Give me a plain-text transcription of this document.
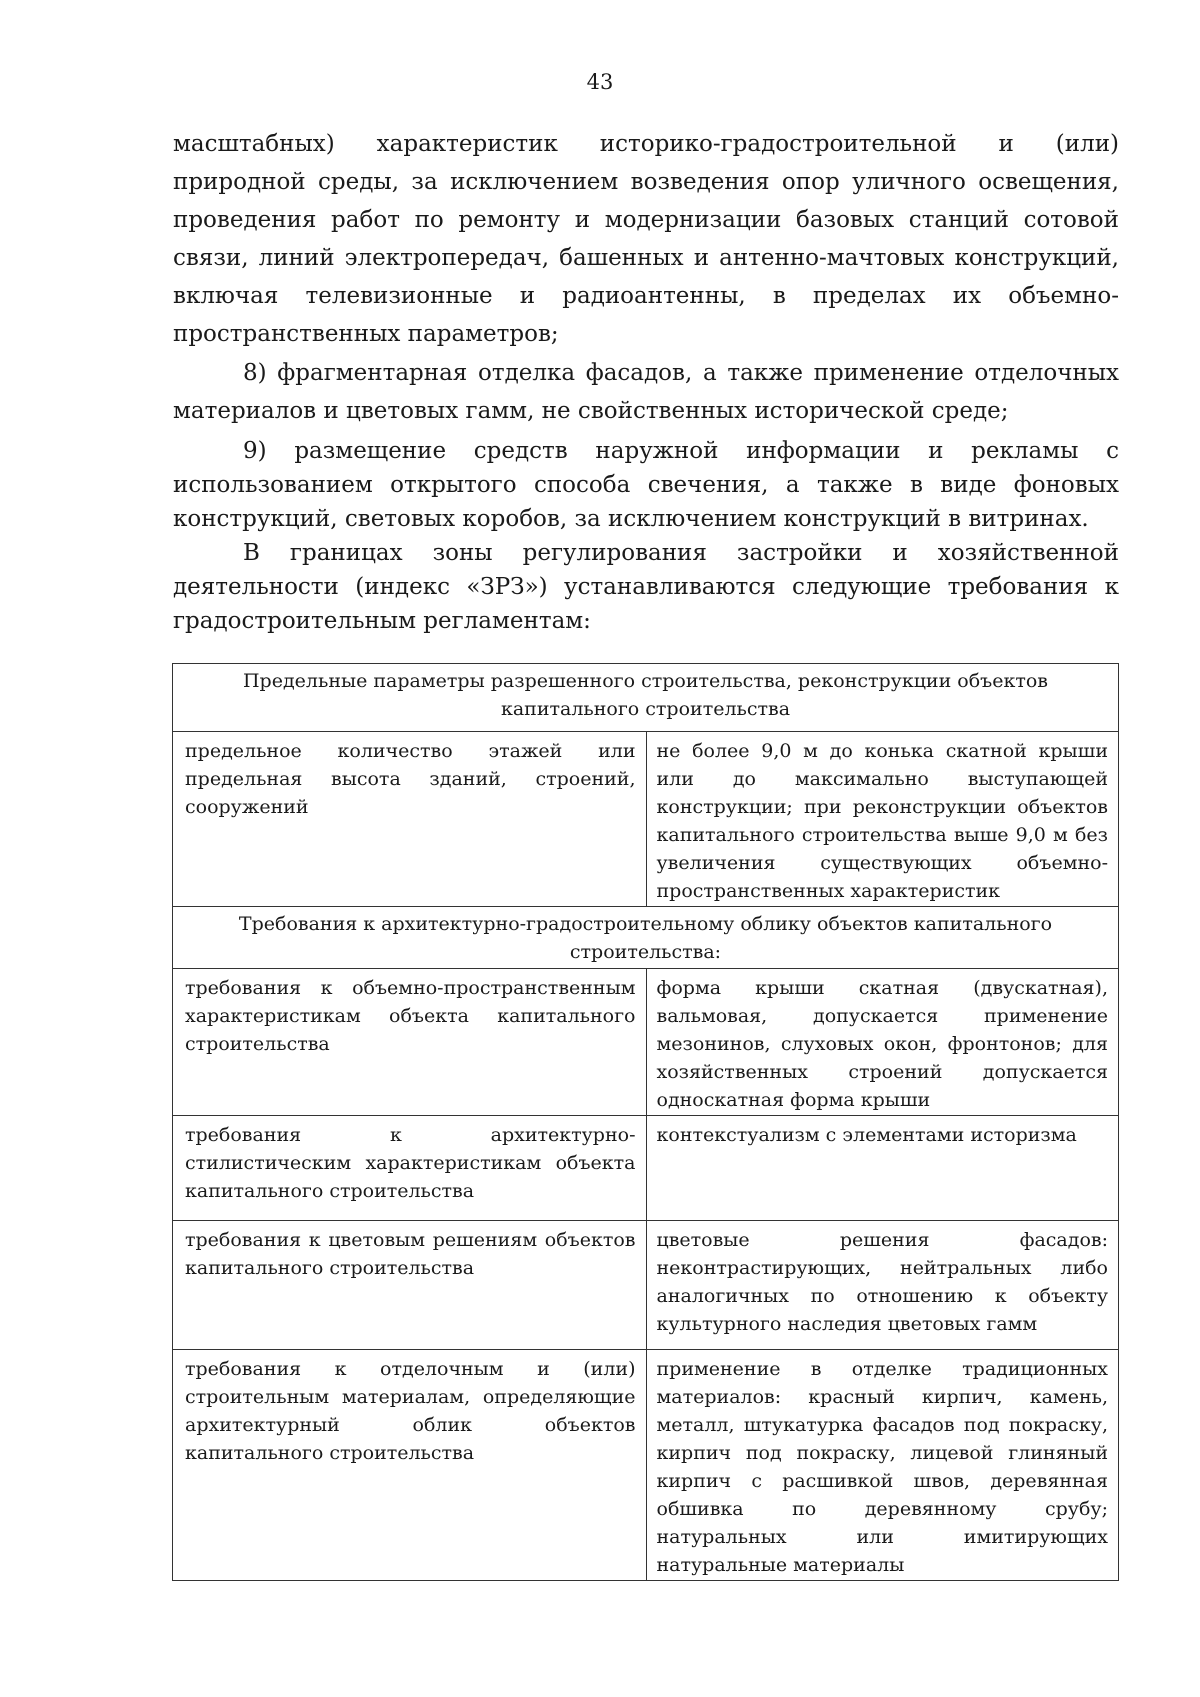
43

масштабных) характеристик историко-градостроительной и (или) природной среды, за исключением возведения опор уличного освещения, проведения работ по ремонту и модернизации базовых станций сотовой связи, линий электропередач, башенных и антенно-мачтовых конструкций, включая телевизионные и радиоантенны, в пределах их объемно- пространственных параметров;

8) фрагментарная отделка фасадов, а также применение отделочных материалов и цветовых гамм, не свойственных исторической среде;

9) размещение средств наружной информации и рекламы с использованием открытого способа свечения, а также в виде фоновых конструкций, световых коробов, за исключением конструкций в витринах.

В границах зоны регулирования застройки и хозяйственной деятельности (индекс «ЗРЗ») устанавливаются следующие требования к градостроительным регламентам:

Предельные параметры разрешенного строительства, реконструкции объектов капитального строительства	
предельное количество этажей или предельная высота зданий, строений, сооружений	не более 9,0 м до конька скатной крыши или до максимально выступающей конструкции; при реконструкции объектов капитального строительства выше 9,0 м без увеличения существующих объемно-пространственных характеристик
Требования к архитектурно-градостроительному облику объектов капитального строительства:	
требования к объемно-пространственным характеристикам объекта капитального строительства	форма крыши скатная (двускатная), вальмовая, допускается применение мезонинов, слуховых окон, фронтонов; для хозяйственных строений допускается односкатная форма крыши
требования к архитектурно-стилистическим характеристикам объекта капитального строительства	контекстуализм с элементами историзма
требования к цветовым решениям объектов капитального строительства	цветовые решения фасадов: неконтрастирующих, нейтральных либо аналогичных по отношению к объекту культурного наследия цветовых гамм
требования к отделочным и (или) строительным материалам, определяющие архитектурный облик объектов капитального строительства	применение в отделке традиционных материалов: красный кирпич, камень, металл, штукатурка фасадов под покраску, кирпич под покраску, лицевой глиняный кирпич с расшивкой швов, деревянная обшивка по деревянному срубу; натуральных или имитирующих натуральные материалы
